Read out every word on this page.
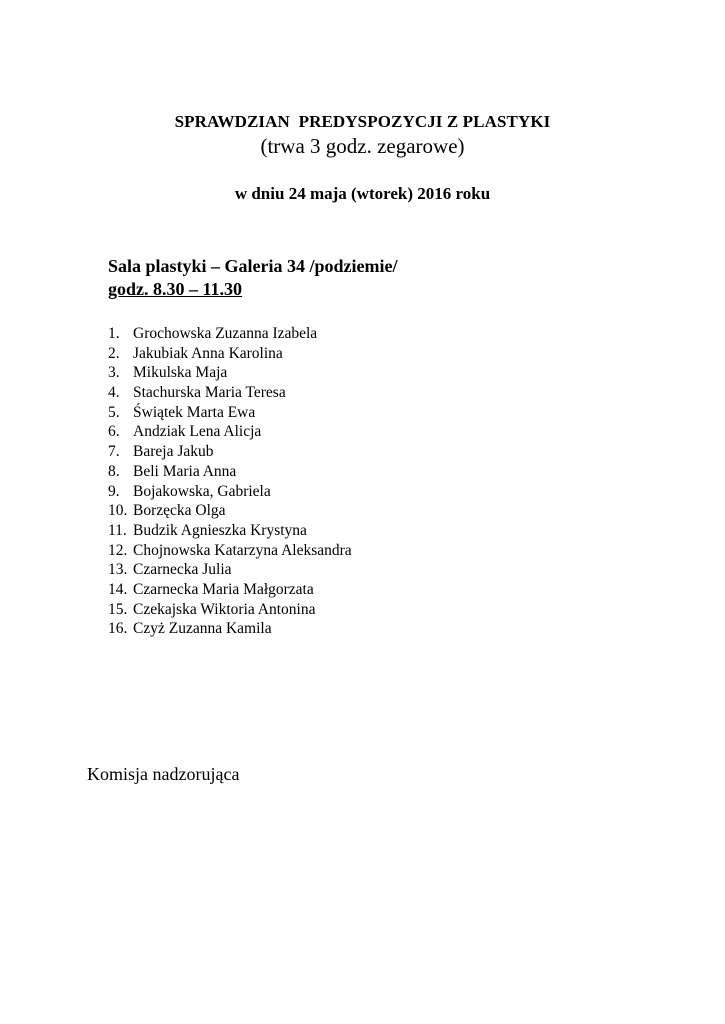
SPRAWDZIAN  PREDYSPOZYCJI Z PLASTYKI
(trwa 3 godz. zegarowe)
w dniu 24 maja (wtorek) 2016 roku
Sala plastyki – Galeria 34 /podziemie/
godz. 8.30 – 11.30
1. Grochowska Zuzanna Izabela
2. Jakubiak Anna Karolina
3. Mikulska Maja
4. Stachurska Maria Teresa
5. Świątek Marta Ewa
6. Andziak Lena Alicja
7. Bareja Jakub
8. Beli Maria Anna
9. Bojakowska, Gabriela
10. Borzęcka Olga
11. Budzik Agnieszka Krystyna
12. Chojnowska Katarzyna Aleksandra
13. Czarnecka Julia
14. Czarnecka Maria Małgorzata
15. Czekajska Wiktoria Antonina
16. Czyż Zuzanna Kamila
Komisja nadzorująca
